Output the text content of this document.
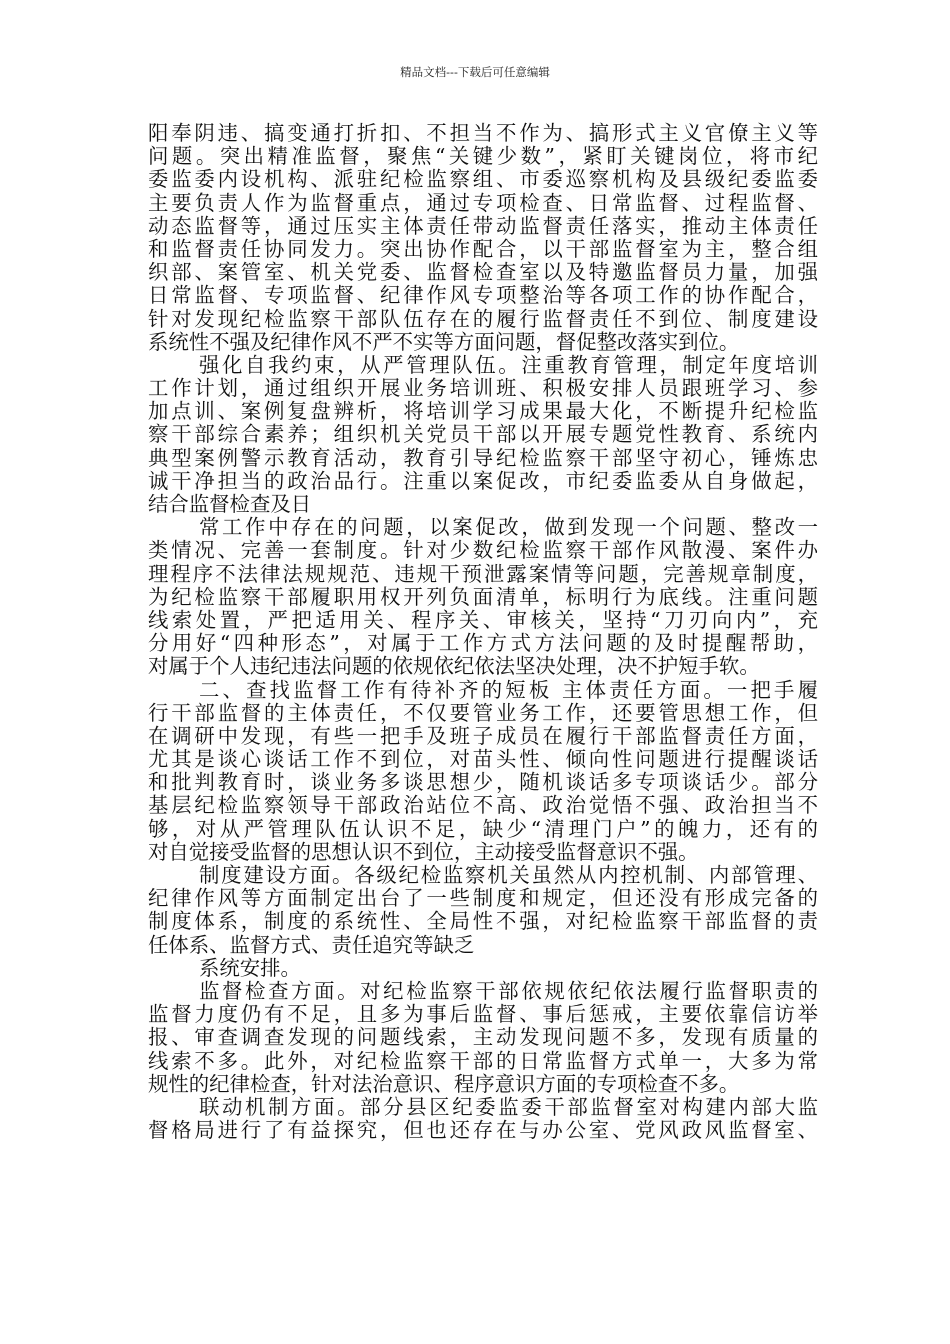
精品文档---下载后可任意编辑
阳奉阴违、搞变通打折扣、不担当不作为、搞形式主义官僚主义等
问题。突出精准监督，聚焦“关键少数”，紧盯关键岗位，将市纪
委监委内设机构、派驻纪检监察组、市委巡察机构及县级纪委监委
主要负责人作为监督重点，通过专项检查、日常监督、过程监督、
动态监督等，通过压实主体责任带动监督责任落实，推动主体责任
和监督责任协同发力。突出协作配合，以干部监督室为主，整合组
织部、案管室、机关党委、监督检查室以及特邀监督员力量，加强
日常监督、专项监督、纪律作风专项整治等各项工作的协作配合，
针对发现纪检监察干部队伍存在的履行监督责任不到位、制度建设
系统性不强及纪律作风不严不实等方面问题，督促整改落实到位。
强化自我约束，从严管理队伍。注重教育管理，制定年度培训
工作计划，通过组织开展业务培训班、积极安排人员跟班学习、参
加点训、案例复盘辨析，将培训学习成果最大化，不断提升纪检监
察干部综合素养；组织机关党员干部以开展专题党性教育、系统内
典型案例警示教育活动，教育引导纪检监察干部坚守初心，锤炼忠
诚干净担当的政治品行。注重以案促改，市纪委监委从自身做起，
结合监督检查及日
常工作中存在的问题，以案促改，做到发现一个问题、整改一
类情况、完善一套制度。针对少数纪检监察干部作风散漫、案件办
理程序不法律法规规范、违规干预泄露案情等问题，完善规章制度，
为纪检监察干部履职用权开列负面清单，标明行为底线。注重问题
线索处置，严把适用关、程序关、审核关，坚持“刀刃向内”，充
分用好“四种形态”，对属于工作方式方法问题的及时提醒帮助，
对属于个人违纪违法问题的依规依纪依法坚决处理，决不护短手软。
二、查找监督工作有待补齐的短板 主体责任方面。一把手履
行干部监督的主体责任，不仅要管业务工作，还要管思想工作，但
在调研中发现，有些一把手及班子成员在履行干部监督责任方面，
尤其是谈心谈话工作不到位，对苗头性、倾向性问题进行提醒谈话
和批判教育时，谈业务多谈思想少，随机谈话多专项谈话少。部分
基层纪检监察领导干部政治站位不高、政治觉悟不强、政治担当不
够，对从严管理队伍认识不足，缺少“清理门户”的魄力，还有的
对自觉接受监督的思想认识不到位，主动接受监督意识不强。
制度建设方面。各级纪检监察机关虽然从内控机制、内部管理、
纪律作风等方面制定出台了一些制度和规定，但还没有形成完备的
制度体系，制度的系统性、全局性不强，对纪检监察干部监督的责
任体系、监督方式、责任追究等缺乏
系统安排。
监督检查方面。对纪检监察干部依规依纪依法履行监督职责的
监督力度仍有不足，且多为事后监督、事后惩戒，主要依靠信访举
报、审查调查发现的问题线索，主动发现问题不多，发现有质量的
线索不多。此外，对纪检监察干部的日常监督方式单一，大多为常
规性的纪律检查，针对法治意识、程序意识方面的专项检查不多。
联动机制方面。部分县区纪委监委干部监督室对构建内部大监
督格局进行了有益探究，但也还存在与办公室、党风政风监督室、
